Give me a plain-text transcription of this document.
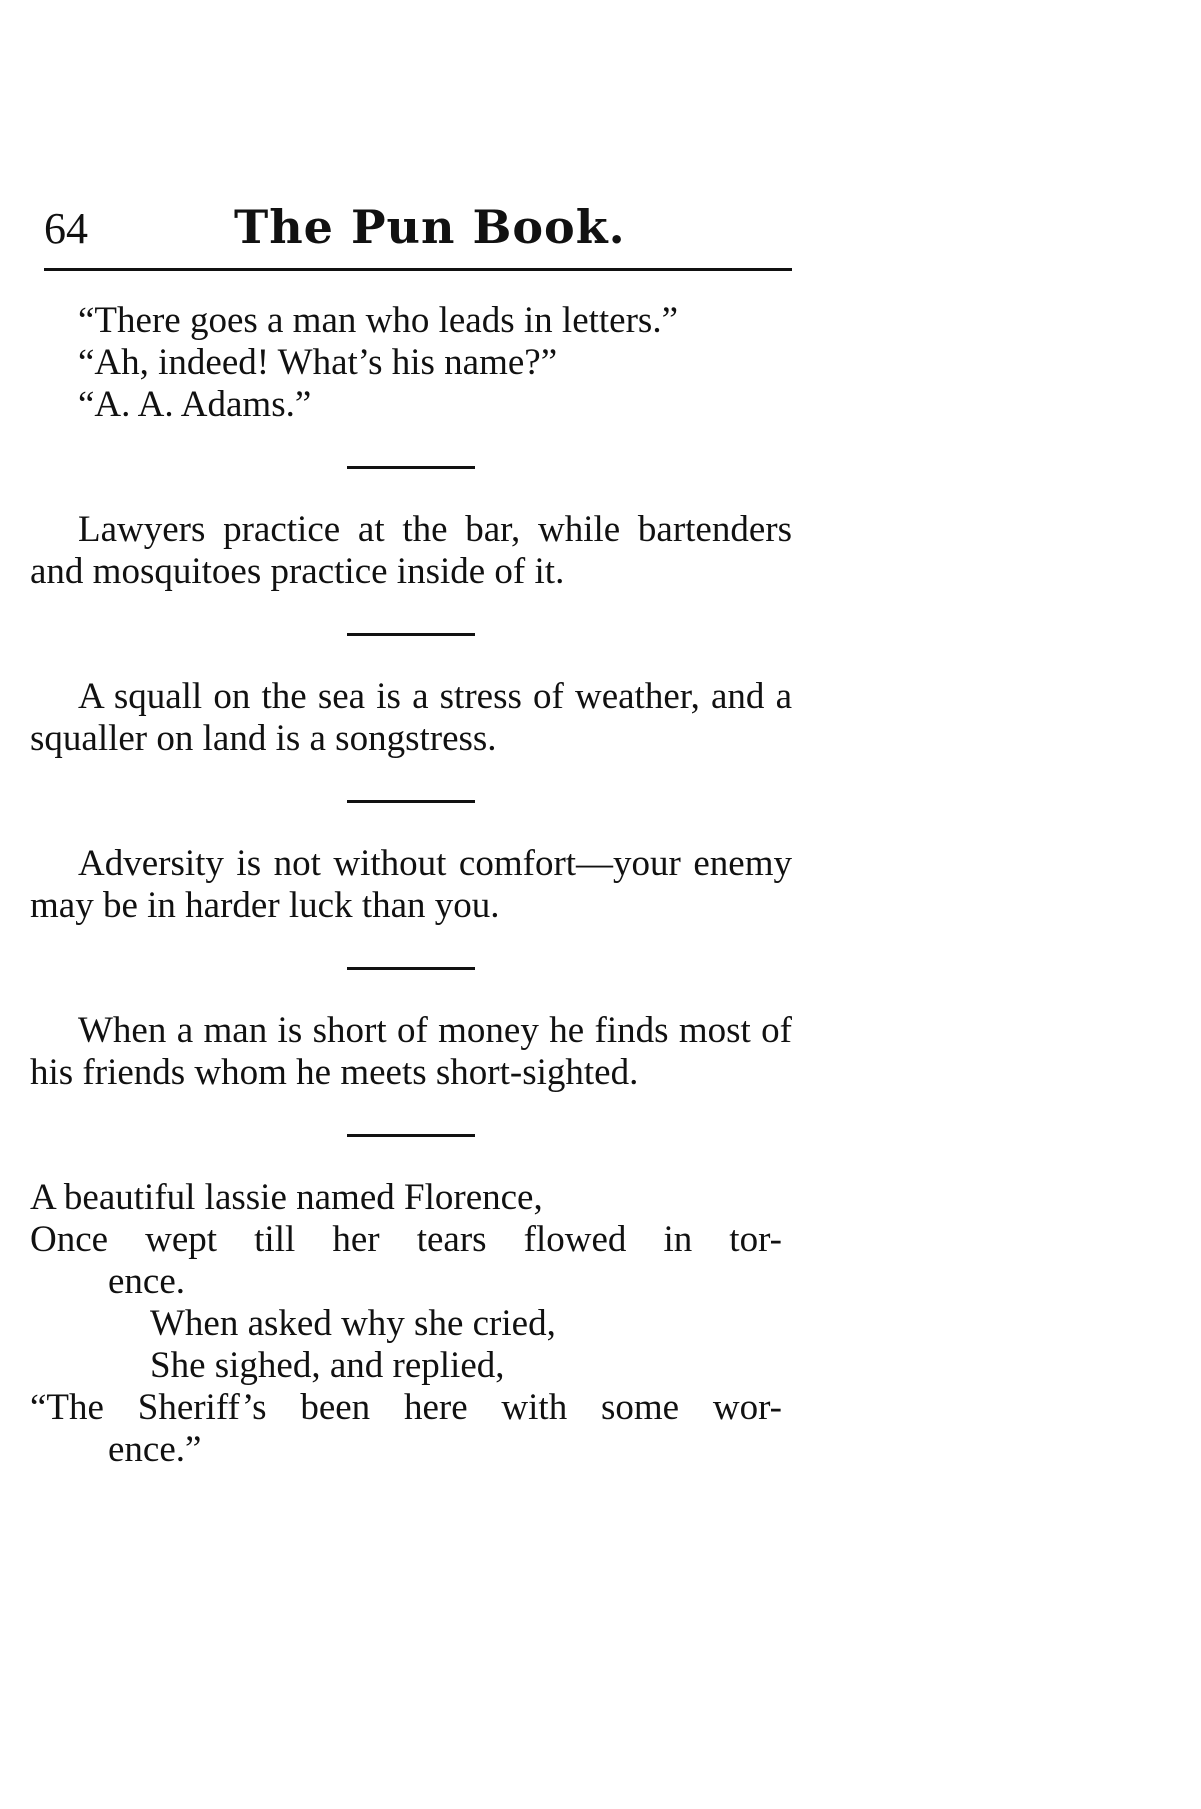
64	The Pun Book.

“There goes a man who leads in letters.”

“Ah, indeed! What’s his name?”

“A. A. Adams.”

Lawyers practice at the bar, while bartenders and mosquitoes practice inside of it.

A squall on the sea is a stress of weather, and a squaller on land is a songstress.

Adversity is not without comfort—your enemy may be in harder luck than you.

When a man is short of money he finds most of his friends whom he meets short-sighted.

A beautiful lassie named Florence,
Once wept till her tears flowed in tor-
ence.
When asked why she cried,
She sighed, and replied,
“The Sheriff’s been here with some wor-
ence.”
